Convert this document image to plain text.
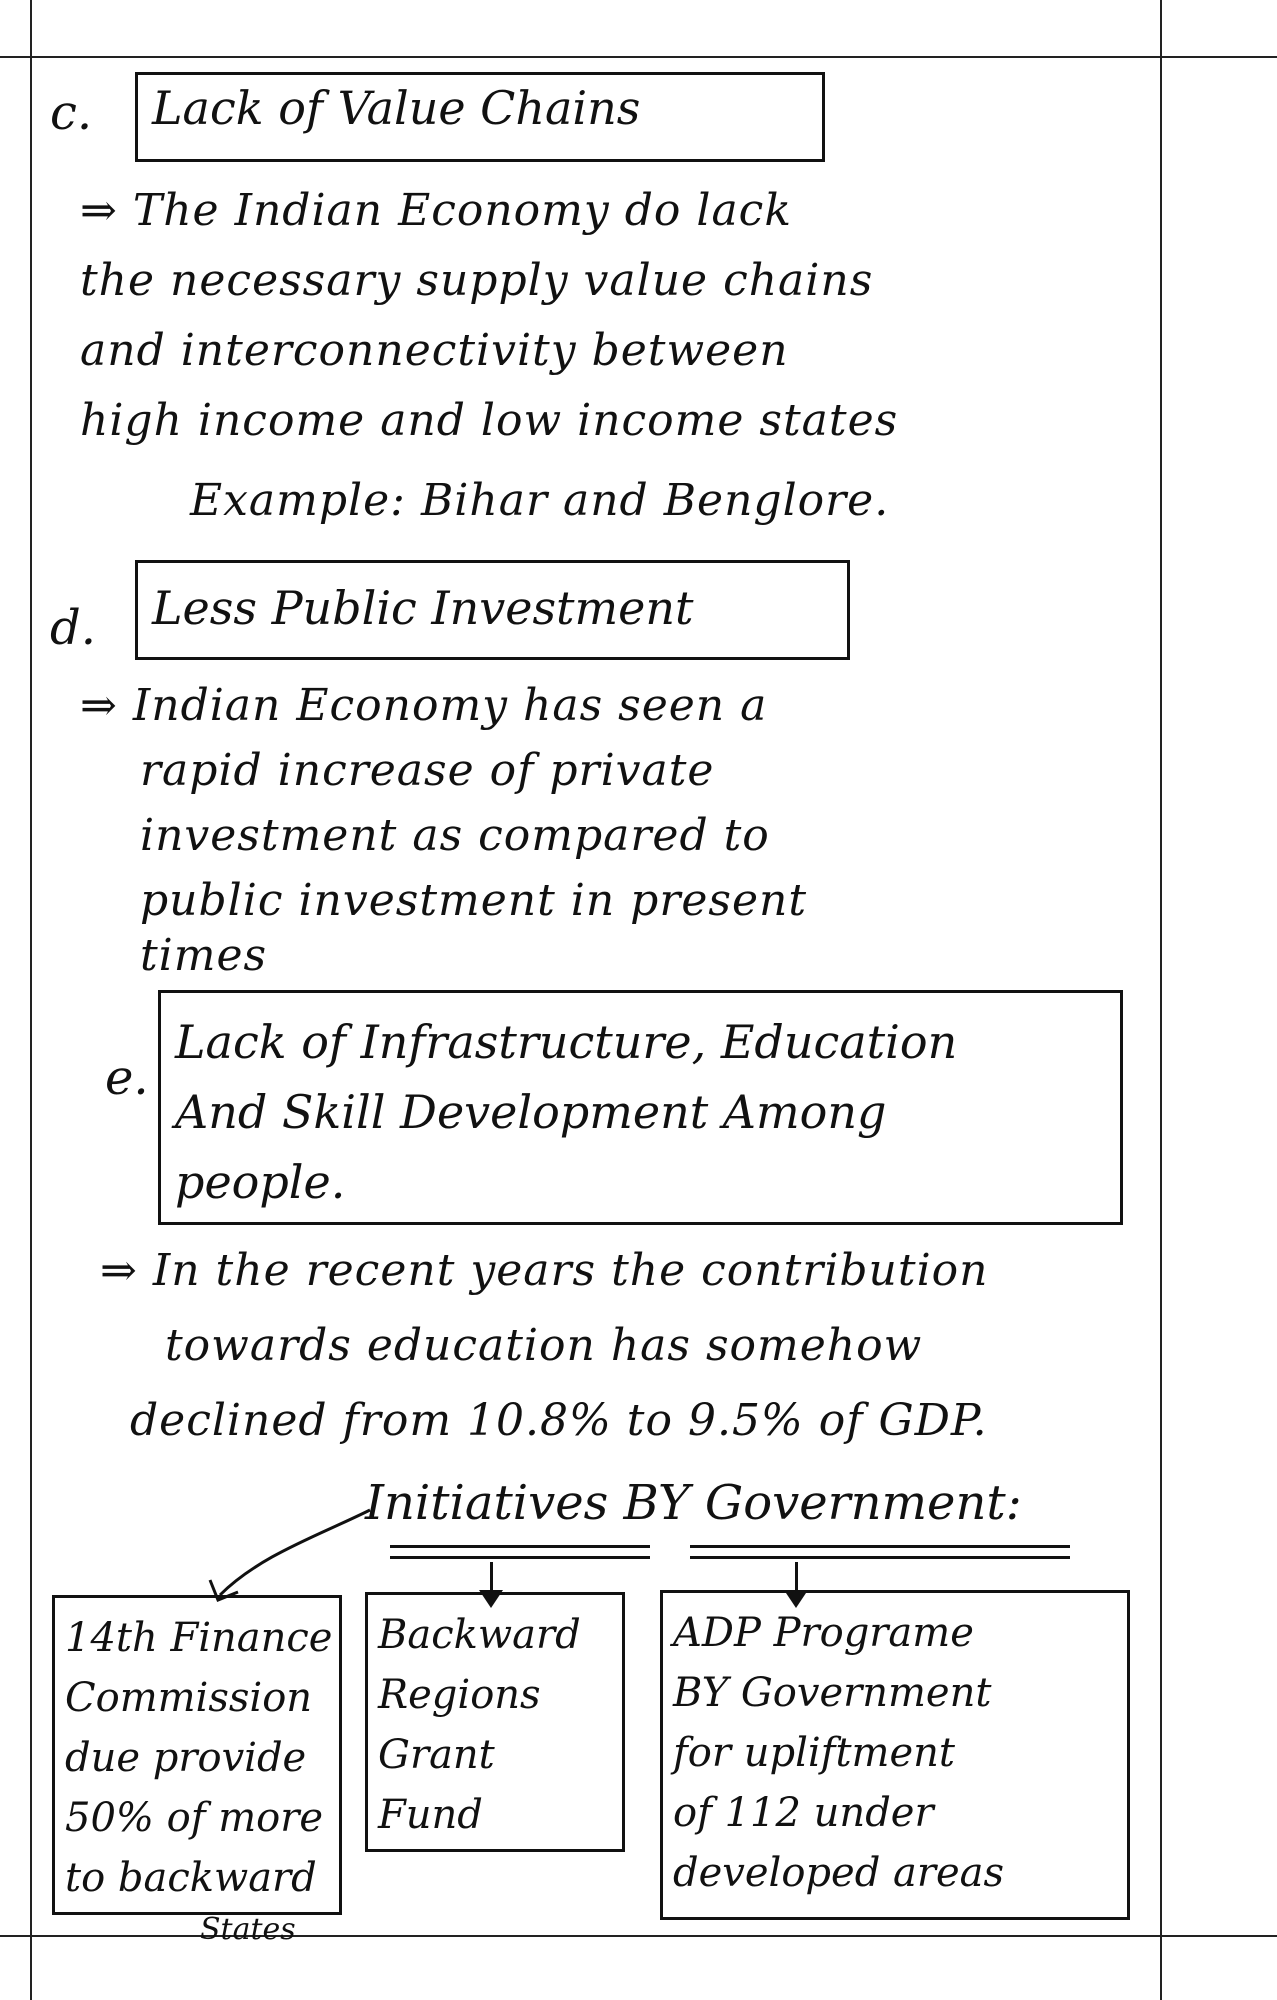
c.	Lack of Value Chains
⇒ The Indian Economy do lack
the necessary supply value chains
and interconnectivity between
high income and low income states
Example: Bihar and Benglore.
d.	Less Public Investment
⇒ Indian Economy has seen a
rapid increase of private
investment as compared to
public investment in present
times
e.
Lack of Infrastructure, Education
And Skill Development Among
people.
⇒ In the recent years the contribution
towards education has somehow
declined from 10.8% to 9.5% of GDP.
Initiatives BY Government:
14th Finance
Commission
due provide
50% of more
to backward
States
Backward
Regions
Grant
Fund
ADP Programe
BY Government
for upliftment
of 112 under
developed areas
